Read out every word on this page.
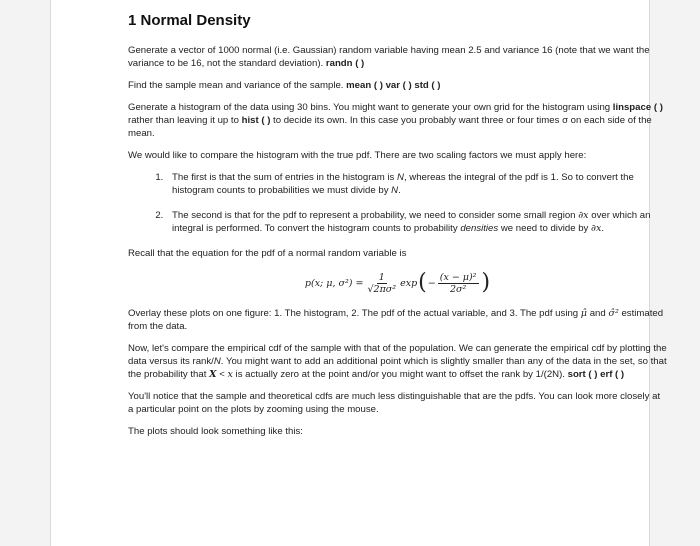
1 Normal Density

Generate a vector of 1000 normal (i.e. Gaussian) random variable having mean 2.5 and variance 16 (note that we want the variance to be 16, not the standard deviation). randn ( )

Find the sample mean and variance of the sample. mean ( ) var ( ) std ( )

Generate a histogram of the data using 30 bins. You might want to generate your own grid for the histogram using linspace ( ) rather than leaving it up to hist ( ) to decide its own. In this case you probably want three or four times σ on each side of the mean.

We would like to compare the histogram with the true pdf. There are two scaling factors we must apply here:

1. The first is that the sum of entries in the histogram is N, whereas the integral of the pdf is 1. So to convert the histogram counts to probabilities we must divide by N.
2. The second is that for the pdf to represent a probability, we need to consider some small region ∂x over which an integral is performed. To convert the histogram counts to probability densities we need to divide by ∂x.

Recall that the equation for the pdf of a normal random variable is

p(x; μ, $\sigma^2) = \frac{1}{\text{√2πσ²}}$ exp ( − $\frac{\text{(x − μ)²}}{\text{2σ²}}$ )

Overlay these plots on one figure: 1. The histogram, 2. The pdf of the actual variable, and 3. The pdf using μ̂ and σ̂² estimated from the data.

Now, let's compare the empirical cdf of the sample with that of the population. We can generate the empirical cdf by plotting the data versus its rank/N. You might want to add an additional point which is slightly smaller than any of the data in the set, so that the probability that X < x is actually zero at the point and/or you might want to offset the rank by 1/(2N). sort ( ) erf ( )

You'll notice that the sample and theoretical cdfs are much less distinguishable that are the pdfs. You can look more closely at a particular point on the plots by zooming using the mouse.

The plots should look something like this:
